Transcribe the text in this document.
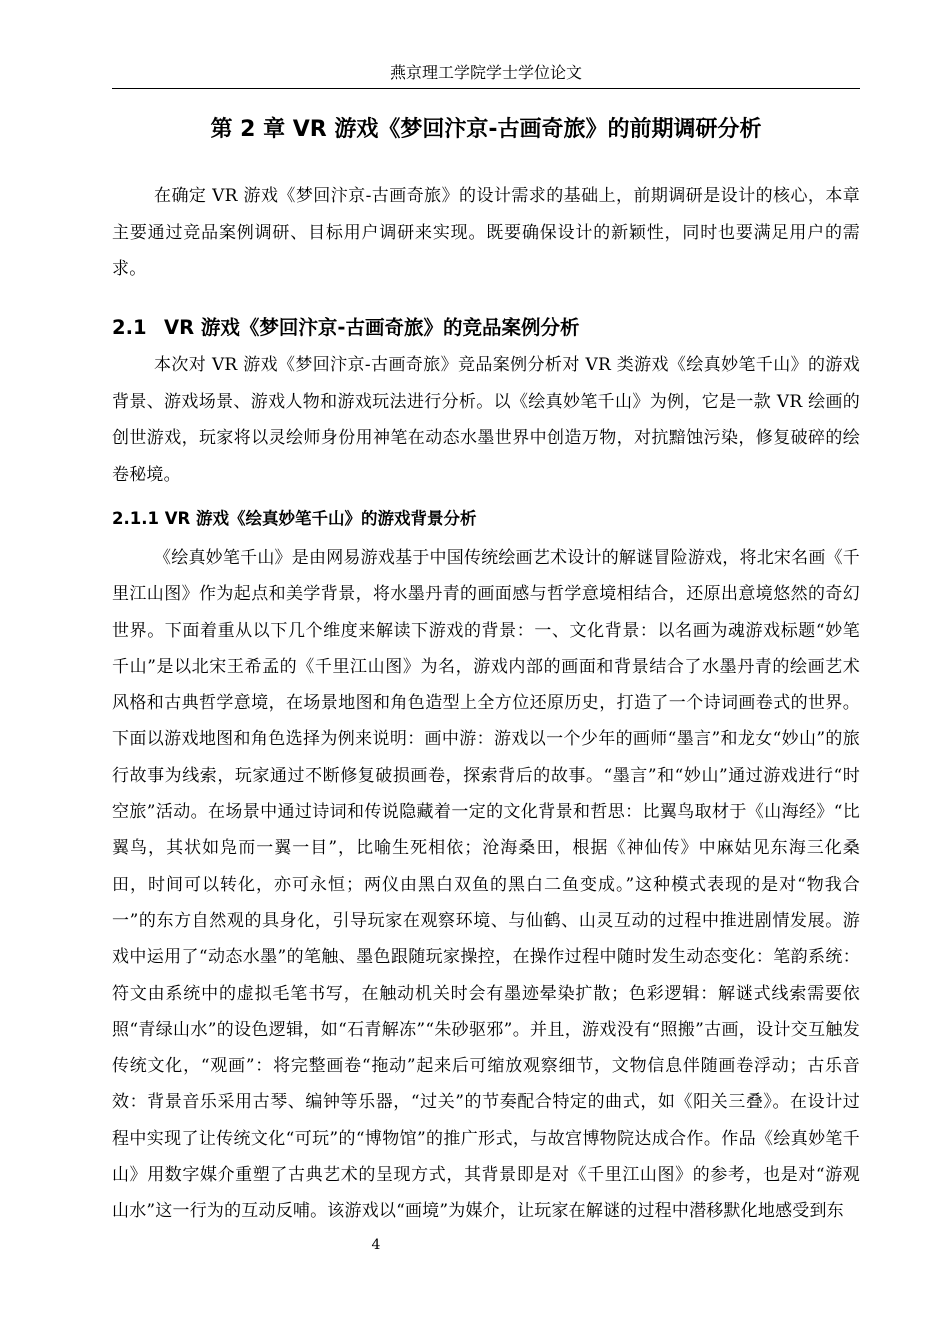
燕京理工学院学士学位论文
第 2 章 VR 游戏《梦回汴京-古画奇旅》的前期调研分析

在确定 VR 游戏《梦回汴京-古画奇旅》的设计需求的基础上，前期调研是设计的核心，本章主要通过竞品案例调研、目标用户调研来实现。既要确保设计的新颖性，同时也要满足用户的需求。

2.1 VR 游戏《梦回汴京-古画奇旅》的竞品案例分析

本次对 VR 游戏《梦回汴京-古画奇旅》竞品案例分析对 VR 类游戏《绘真妙笔千山》的游戏背景、游戏场景、游戏人物和游戏玩法进行分析。以《绘真妙笔千山》为例，它是一款 VR 绘画的创世游戏，玩家将以灵绘师身份用神笔在动态水墨世界中创造万物，对抗黯蚀污染，修复破碎的绘卷秘境。

2.1.1 VR 游戏《绘真妙笔千山》的游戏背景分析

《绘真妙笔千山》是由网易游戏基于中国传统绘画艺术设计的解谜冒险游戏，将北宋名画《千里江山图》作为起点和美学背景，将水墨丹青的画面感与哲学意境相结合，还原出意境悠然的奇幻世界。下面着重从以下几个维度来解读下游戏的背景：一、文化背景：以名画为魂游戏标题“妙笔千山”是以北宋王希孟的《千里江山图》为名，游戏内部的画面和背景结合了水墨丹青的绘画艺术风格和古典哲学意境，在场景地图和角色造型上全方位还原历史，打造了一个诗词画卷式的世界。下面以游戏地图和角色选择为例来说明：画中游：游戏以一个少年的画师“墨言”和龙女“妙山”的旅行故事为线索，玩家通过不断修复破损画卷，探索背后的故事。“墨言”和“妙山”通过游戏进行“时空旅”活动。在场景中通过诗词和传说隐藏着一定的文化背景和哲思：比翼鸟取材于《山海经》“比翼鸟，其状如凫而一翼一目”，比喻生死相依；沧海桑田，根据《神仙传》中麻姑见东海三化桑田，时间可以转化，亦可永恒；两仪由黑白双鱼的黑白二鱼变成。”这种模式表现的是对“物我合一”的东方自然观的具身化，引导玩家在观察环境、与仙鹤、山灵互动的过程中推进剧情发展。游戏中运用了“动态水墨”的笔触、墨色跟随玩家操控，在操作过程中随时发生动态变化：笔韵系统：符文由系统中的虚拟毛笔书写，在触动机关时会有墨迹晕染扩散；色彩逻辑：解谜式线索需要依照“青绿山水”的设色逻辑，如“石青解冻”“朱砂驱邪”。并且，游戏没有“照搬”古画，设计交互触发传统文化，“观画”：将完整画卷“拖动”起来后可缩放观察细节，文物信息伴随画卷浮动；古乐音效：背景音乐采用古琴、编钟等乐器，“过关”的节奏配合特定的曲式，如《阳关三叠》。在设计过程中实现了让传统文化“可玩”的“博物馆”的推广形式，与故宫博物院达成合作。作品《绘真妙笔千山》用数字媒介重塑了古典艺术的呈现方式，其背景即是对《千里江山图》的参考，也是对“游观山水”这一行为的互动反哺。该游戏以“画境”为媒介，让玩家在解谜的过程中潜移默化地感受到东

4
